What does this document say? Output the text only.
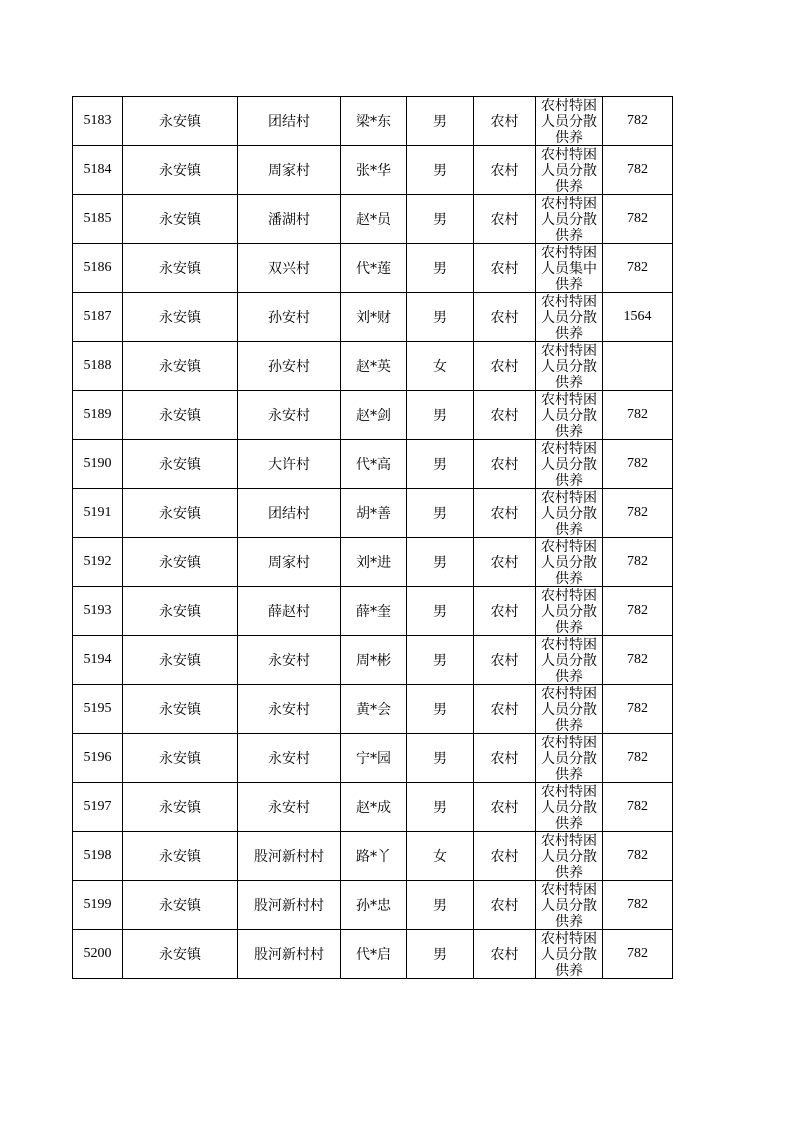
5183	永安镇	团结村	梁*东	男	农村	农村特困人员分散供养	782
5184	永安镇	周家村	张*华	男	农村	农村特困人员分散供养	782
5185	永安镇	潘湖村	赵*员	男	农村	农村特困人员分散供养	782
5186	永安镇	双兴村	代*莲	男	农村	农村特困人员集中供养	782
5187	永安镇	孙安村	刘*财	男	农村	农村特困人员分散供养	1564
5188	永安镇	孙安村	赵*英	女	农村	农村特困人员分散供养	

5189	永安镇	永安村	赵*剑	男	农村	农村特困人员分散供养	782
5190	永安镇	大许村	代*高	男	农村	农村特困人员分散供养	782
5191	永安镇	团结村	胡*善	男	农村	农村特困人员分散供养	782
5192	永安镇	周家村	刘*进	男	农村	农村特困人员分散供养	782
5193	永安镇	薛赵村	薛*奎	男	农村	农村特困人员分散供养	782
5194	永安镇	永安村	周*彬	男	农村	农村特困人员分散供养	782
5195	永安镇	永安村	黄*会	男	农村	农村特困人员分散供养	782
5196	永安镇	永安村	宁*园	男	农村	农村特困人员分散供养	782
5197	永安镇	永安村	赵*成	男	农村	农村特困人员分散供养	782
5198	永安镇	股河新村村	路*丫	女	农村	农村特困人员分散供养	782
5199	永安镇	股河新村村	孙*忠	男	农村	农村特困人员分散供养	782
5200	永安镇	股河新村村	代*启	男	农村	农村特困人员分散供养	782
